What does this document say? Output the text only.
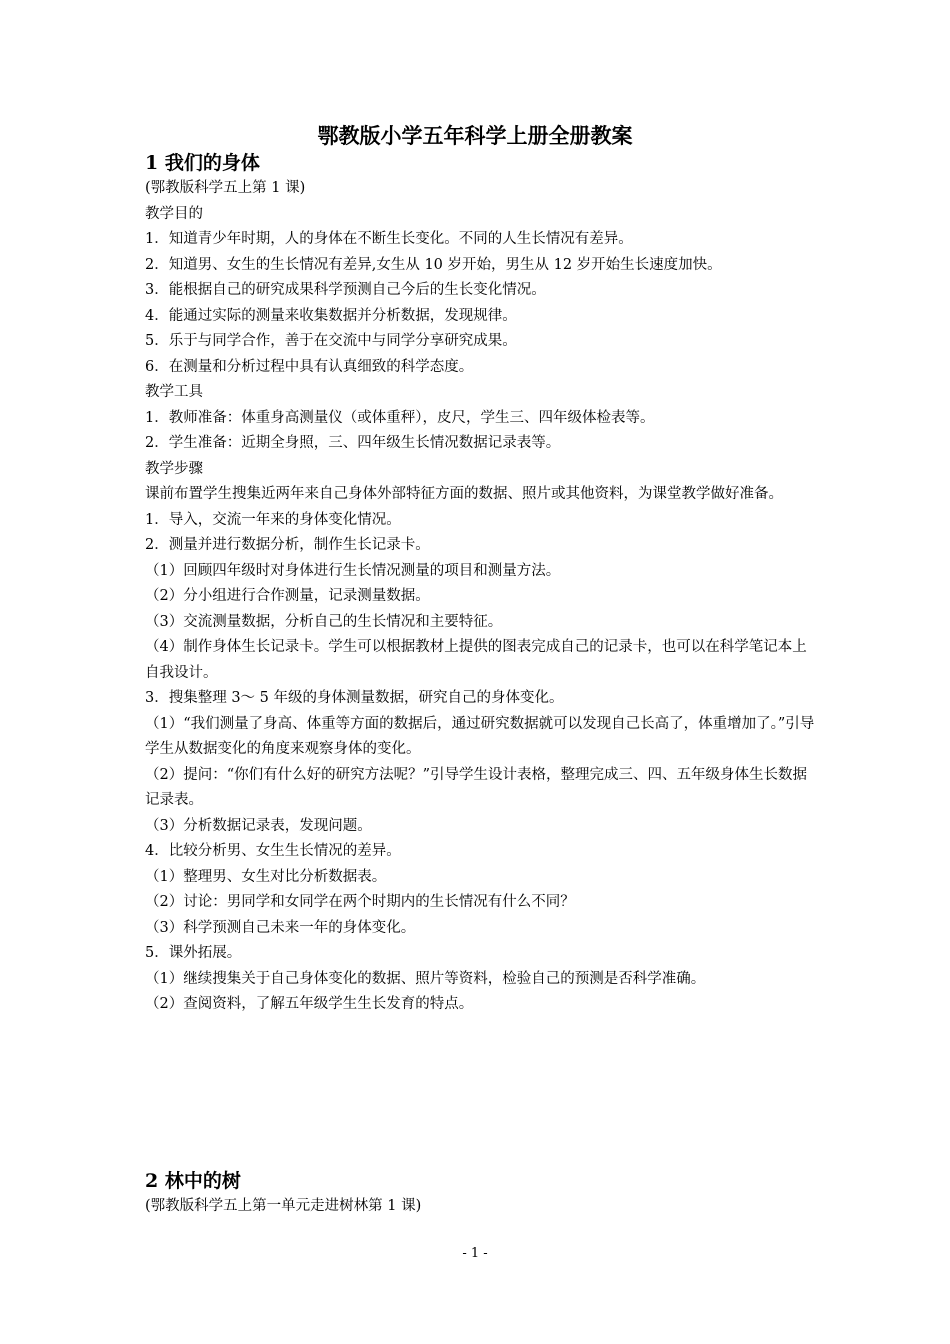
鄂教版小学五年科学上册全册教案

1 我们的身体

(鄂教版科学五上第 1 课)

教学目的

1．知道青少年时期，人的身体在不断生长变化。不同的人生长情况有差异。

2．知道男、女生的生长情况有差异,女生从 10 岁开始，男生从 12 岁开始生长速度加快。

3．能根据自己的研究成果科学预测自己今后的生长变化情况。

4．能通过实际的测量来收集数据并分析数据，发现规律。

5．乐于与同学合作，善于在交流中与同学分享研究成果。

6．在测量和分析过程中具有认真细致的科学态度。

教学工具

1．教师准备：体重身高测量仪（或体重秤），皮尺，学生三、四年级体检表等。

2．学生准备：近期全身照，三、四年级生长情况数据记录表等。

教学步骤

课前布置学生搜集近两年来自己身体外部特征方面的数据、照片或其他资料，为课堂教学做好准备。

1．导入，交流一年来的身体变化情况。

2．测量并进行数据分析，制作生长记录卡。

（1）回顾四年级时对身体进行生长情况测量的项目和测量方法。

（2）分小组进行合作测量，记录测量数据。

（3）交流测量数据，分析自己的生长情况和主要特征。

（4）制作身体生长记录卡。学生可以根据教材上提供的图表完成自己的记录卡，也可以在科学笔记本上自我设计。

3．搜集整理 3～ 5 年级的身体测量数据，研究自己的身体变化。

（1）“我们测量了身高、体重等方面的数据后，通过研究数据就可以发现自己长高了，体重增加了。”引导学生从数据变化的角度来观察身体的变化。

（2）提问：“你们有什么好的研究方法呢？”引导学生设计表格，整理完成三、四、五年级身体生长数据记录表。

（3）分析数据记录表，发现问题。

4．比较分析男、女生生长情况的差异。

（1）整理男、女生对比分析数据表。

（2）讨论：男同学和女同学在两个时期内的生长情况有什么不同？

（3）科学预测自己未来一年的身体变化。

5．课外拓展。

（1）继续搜集关于自己身体变化的数据、照片等资料，检验自己的预测是否科学准确。

（2）查阅资料，了解五年级学生生长发育的特点。

2 林中的树

(鄂教版科学五上第一单元走进树林第 1 课)

- 1 -
